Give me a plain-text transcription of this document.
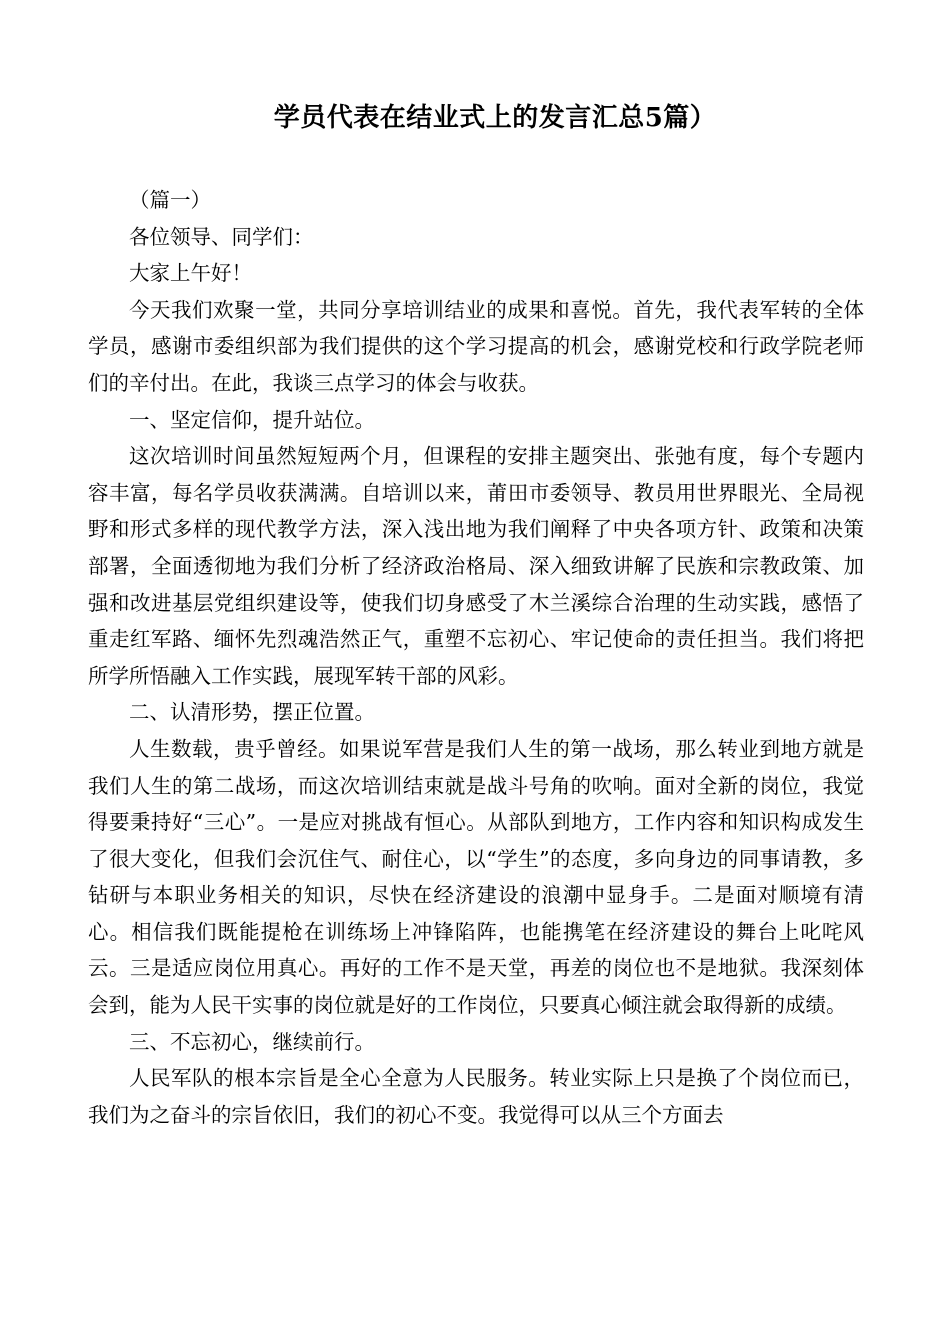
学员代表在结业式上的发言汇总5篇）

（篇一）

各位领导、同学们：

大家上午好！

今天我们欢聚一堂，共同分享培训结业的成果和喜悦。首先，我代表军转的全体学员，感谢市委组织部为我们提供的这个学习提高的机会，感谢党校和行政学院老师们的辛付出。在此，我谈三点学习的体会与收获。

一、坚定信仰，提升站位。

这次培训时间虽然短短两个月，但课程的安排主题突出、张弛有度，每个专题内容丰富，每名学员收获满满。自培训以来，莆田市委领导、教员用世界眼光、全局视野和形式多样的现代教学方法，深入浅出地为我们阐释了中央各项方针、政策和决策部署，全面透彻地为我们分析了经济政治格局、深入细致讲解了民族和宗教政策、加强和改进基层党组织建设等，使我们切身感受了木兰溪综合治理的生动实践，感悟了重走红军路、缅怀先烈魂浩然正气，重塑不忘初心、牢记使命的责任担当。我们将把所学所悟融入工作实践，展现军转干部的风彩。

二、认清形势，摆正位置。

人生数载，贵乎曾经。如果说军营是我们人生的第一战场，那么转业到地方就是我们人生的第二战场，而这次培训结束就是战斗号角的吹响。面对全新的岗位，我觉得要秉持好“三心”。一是应对挑战有恒心。从部队到地方，工作内容和知识构成发生了很大变化，但我们会沉住气、耐住心，以“学生”的态度，多向身边的同事请教，多钻研与本职业务相关的知识，尽快在经济建设的浪潮中显身手。二是面对顺境有清心。相信我们既能提枪在训练场上冲锋陷阵，也能携笔在经济建设的舞台上叱咤风云。三是适应岗位用真心。再好的工作不是天堂，再差的岗位也不是地狱。我深刻体会到，能为人民干实事的岗位就是好的工作岗位，只要真心倾注就会取得新的成绩。

三、不忘初心，继续前行。

人民军队的根本宗旨是全心全意为人民服务。转业实际上只是换了个岗位而已，我们为之奋斗的宗旨依旧，我们的初心不变。我觉得可以从三个方面去
